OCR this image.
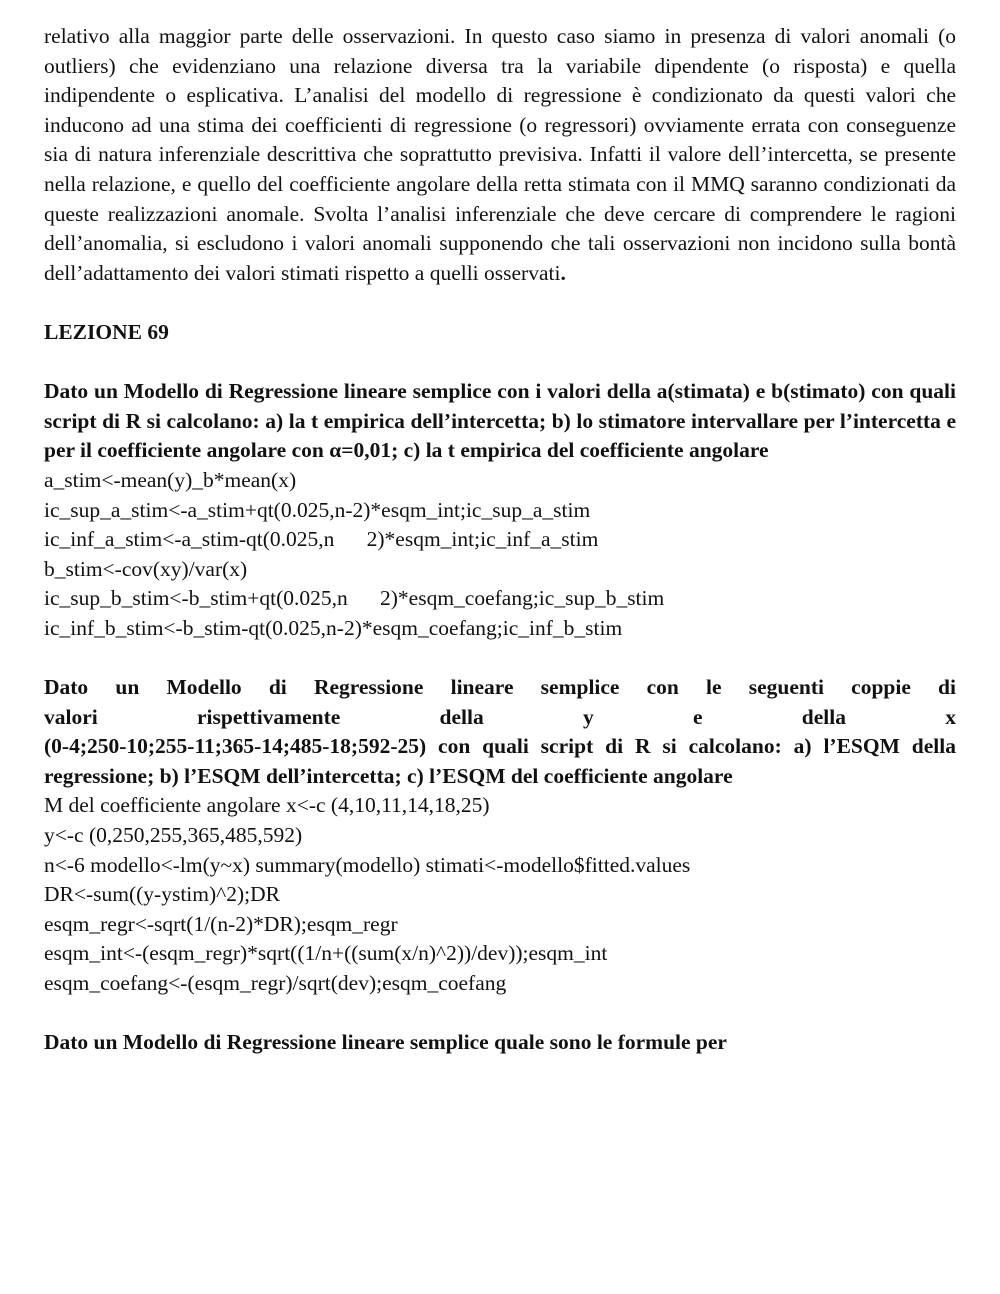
relativo alla maggior parte delle osservazioni. In questo caso siamo in presenza di valori anomali (o outliers) che evidenziano una relazione diversa tra la variabile dipendente (o risposta) e quella indipendente o esplicativa. L’analisi del modello di regressione è condizionato da questi valori che inducono ad una stima dei coefficienti di regressione (o regressori) ovviamente errata con conseguenze sia di natura inferenziale descrittiva che soprattutto previsiva. Infatti il valore dell’intercetta, se presente nella relazione, e quello del coefficiente angolare della retta stimata con il MMQ saranno condizionati da queste realizzazioni anomale. Svolta l’analisi inferenziale che deve cercare di comprendere le ragioni dell’anomalia, si escludono i valori anomali supponendo che tali osservazioni non incidono sulla bontà dell’adattamento dei valori stimati rispetto a quelli osservati.

LEZIONE 69

Dato un Modello di Regressione lineare semplice con i valori della a(stimata) e b(stimato) con quali script di R si calcolano: a) la t empirica dell’intercetta; b) lo stimatore intervallare per l’intercetta e per il coefficiente angolare con α=0,01; c) la t empirica del coefficiente angolare

a_stim<-mean(y)_b*mean(x)
ic_sup_a_stim<-a_stim+qt(0.025,n-2)*esqm_int;ic_sup_a_stim
ic_inf_a_stim<-a_stim-qt(0.025,n      2)*esqm_int;ic_inf_a_stim
b_stim<-cov(xy)/var(x)
ic_sup_b_stim<-b_stim+qt(0.025,n      2)*esqm_coefang;ic_sup_b_stim
ic_inf_b_stim<-b_stim-qt(0.025,n-2)*esqm_coefang;ic_inf_b_stim
Dato un Modello di Regressione lineare semplice con le seguenti coppie di
valori	rispettivamente	della	y	e	della	x
(0-4;250-10;255-11;365-14;485-18;592-25) con quali script di R si calcolano: a) l’ESQM della regressione; b) l’ESQM dell’intercetta; c) l’ESQM del coefficiente angolare
M del coefficiente angolare x<-c (4,10,11,14,18,25)
y<-c (0,250,255,365,485,592)
n<-6 modello<-lm(y~x) summary(modello) stimati<-modello$fitted.values
DR<-sum((y-ystim)^2);DR
esqm_regr<-sqrt(1/(n-2)*DR);esqm_regr
esqm_int<-(esqm_regr)*sqrt((1/n+((sum(x/n)^2))/dev));esqm_int
esqm_coefang<-(esqm_regr)/sqrt(dev);esqm_coefang

Dato un Modello di Regressione lineare semplice quale sono le formule per
